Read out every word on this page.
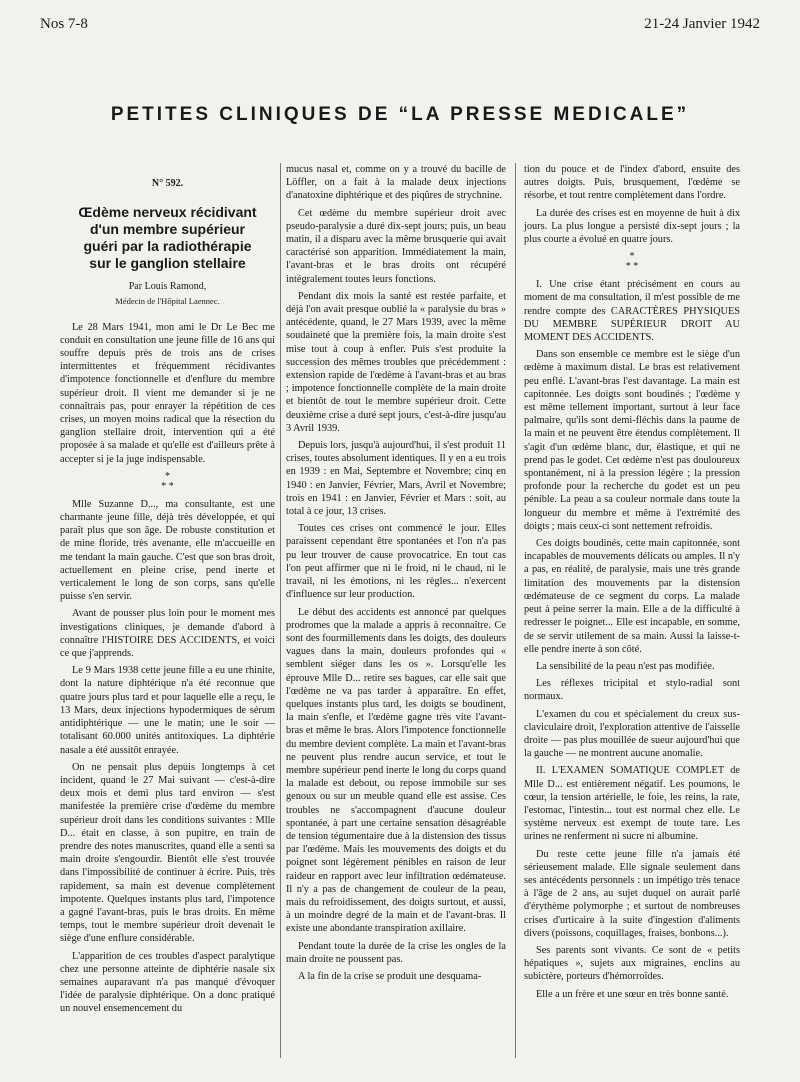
Nos 7-8	21-24 Janvier 1942
PETITES CLINIQUES DE “LA PRESSE MEDICALE”
N° 592.
Œdème nerveux récidivant
d'un membre supérieur
guéri par la radiothérapie
sur le ganglion stellaire
Par Louis Ramond,
Médecin de l'Hôpital Laennec.

Le 28 Mars 1941, mon ami le Dr Le Bec me conduit en consultation une jeune fille de 16 ans qui souffre depuis près de trois ans de crises intermittentes et fréquemment récidivantes d'impotence fonctionnelle et d'enflure du membre supérieur droit. Il vient me demander si je ne connaîtrais pas, pour enrayer la répétition de ces crises, un moyen moins radical que la résection du ganglion stellaire droit, intervention qui a été proposée à sa malade et qu'elle est d'ailleurs prête à accepter si je la juge indispensable.

*
* *

Mlle Suzanne D..., ma consultante, est une charmante jeune fille, déjà très développée, et qui paraît plus que son âge. De robuste constitution et de mine floride, très avenante, elle m'accueille en me tendant la main gauche. C'est que son bras droit, actuellement en pleine crise, pend inerte et verticalement le long de son corps, sans qu'elle puisse s'en servir.

Avant de pousser plus loin pour le moment mes investigations cliniques, je demande d'abord à connaître l'HISTOIRE DES ACCIDENTS, et voici ce que j'apprends.

Le 9 Mars 1938 cette jeune fille a eu une rhinite, dont la nature diphtérique n'a été reconnue que quatre jours plus tard et pour laquelle elle a reçu, le 13 Mars, deux injections hypodermiques de sérum antidiphtérique — une le matin; une le soir — totalisant 60.000 unités antitoxiques. La diphtérie nasale a été aussitôt enrayée.

On ne pensait plus depuis longtemps à cet incident, quand le 27 Mai suivant — c'est-à-dire deux mois et demi plus tard environ — s'est manifestée la première crise d'œdème du membre supérieur droit dans les conditions suivantes : Mlle D... était en classe, à son pupitre, en train de prendre des notes manuscrites, quand elle a senti sa main droite s'engourdir. Bientôt elle s'est trouvée dans l'impossibilité de continuer à écrire. Puis, très rapidement, sa main est devenue complètement impotente. Quelques instants plus tard, l'impotence a gagné l'avant-bras, puis le bras droits. En même temps, tout le membre supérieur droit devenait le siège d'une enflure considérable.

L'apparition de ces troubles d'aspect paralytique chez une personne atteinte de diphtérie nasale six semaines auparavant n'a pas manqué d'évoquer l'idée de paralysie diphtérique. On a donc pratiqué un nouvel ensemencement du

mucus nasal et, comme on y a trouvé du bacille de Löffler, on a fait à la malade deux injections d'anatoxine diphtérique et des piqûres de strychnine.

Cet œdème du membre supérieur droit avec pseudo-paralysie a duré dix-sept jours; puis, un beau matin, il a disparu avec la même brusquerie qui avait caractérisé son apparition. Immédiatement la main, l'avant-bras et le bras droits ont récupéré intégralement toutes leurs fonctions.

Pendant dix mois la santé est restée parfaite, et déjà l'on avait presque oublié la « paralysie du bras » antécédente, quand, le 27 Mars 1939, avec la même soudaineté que la première fois, la main droite s'est mise tout à coup à enfler. Puis s'est produite la succession des mêmes troubles que précédemment : extension rapide de l'œdème à l'avant-bras et au bras ; impotence fonctionnelle complète de la main droite et bientôt de tout le membre supérieur droit. Cette deuxième crise a duré sept jours, c'est-à-dire jusqu'au 3 Avril 1939.

Depuis lors, jusqu'à aujourd'hui, il s'est produit 11 crises, toutes absolument identiques. Il y en a eu trois en 1939 : en Mai, Septembre et Novembre; cinq en 1940 : en Janvier, Février, Mars, Avril et Novembre; trois en 1941 : en Janvier, Février et Mars : soit, au total à ce jour, 13 crises.

Toutes ces crises ont commencé le jour. Elles paraissent cependant être spontanées et l'on n'a pas pu leur trouver de cause provocatrice. En tout cas l'on peut affirmer que ni le froid, ni le chaud, ni le travail, ni les émotions, ni les règles... n'exercent d'influence sur leur production.

Le début des accidents est annoncé par quelques prodromes que la malade a appris à reconnaître. Ce sont des fourmillements dans les doigts, des douleurs vagues dans la main, douleurs profondes qui « semblent siéger dans les os ». Lorsqu'elle les éprouve Mlle D... retire ses bagues, car elle sait que l'œdème ne va pas tarder à apparaître. En effet, quelques instants plus tard, les doigts se boudinent, la main s'enfle, et l'œdème gagne très vite l'avant-bras et même le bras. Alors l'impotence fonctionnelle du membre devient complète. La main et l'avant-bras ne peuvent plus rendre aucun service, et tout le membre supérieur pend inerte le long du corps quand la malade est debout, ou repose immobile sur ses genoux ou sur un meuble quand elle est assise. Ces troubles ne s'accompagnent d'aucune douleur spontanée, à part une certaine sensation désagréable de tension tégumentaire due à la distension des tissus par l'œdème. Mais les mouvements des doigts et du poignet sont légèrement pénibles en raison de leur raideur en rapport avec leur infiltration œdémateuse. Il n'y a pas de changement de couleur de la peau, mais du refroidissement, des doigts surtout, et aussi, à un moindre degré de la main et de l'avant-bras. Il existe une abondante transpiration axillaire.

Pendant toute la durée de la crise les ongles de la main droite ne poussent pas.

A la fin de la crise se produit une desquama-

tion du pouce et de l'index d'abord, ensuite des autres doigts. Puis, brusquement, l'œdème se résorbe, et tout rentre complètement dans l'ordre.

La durée des crises est en moyenne de huit à dix jours. La plus longue a persisté dix-sept jours ; la plus courte a évolué en quatre jours.

*
* *

I. Une crise étant précisément en cours au moment de ma consultation, il m'est possible de me rendre compte des CARACTÈRES PHYSIQUES DU MEMBRE SUPÉRIEUR DROIT AU MOMENT DES ACCIDENTS.

Dans son ensemble ce membre est le siège d'un œdème à maximum distal. Le bras est relativement peu enflé. L'avant-bras l'est davantage. La main est capitonnée. Les doigts sont boudinés ; l'œdème y est même tellement important, surtout à leur face palmaire, qu'ils sont demi-fléchis dans la paume de la main et ne peuvent être étendus complètement. Il s'agit d'un œdème blanc, dur, élastique, et qui ne prend pas le godet. Cet œdème n'est pas douloureux spontanément, ni à la pression légère ; la pression profonde pour la recherche du godet est un peu pénible. La peau a sa couleur normale dans toute la longueur du membre et même à l'extrémité des doigts ; mais ceux-ci sont nettement refroidis.

Ces doigts boudinés, cette main capitonnée, sont incapables de mouvements délicats ou amples. Il n'y a pas, en réalité, de paralysie, mais une très grande limitation des mouvements par la distension œdémateuse de ce segment du corps. La malade peut à peine serrer la main. Elle a de la difficulté à redresser le poignet... Elle est incapable, en somme, de se servir utilement de sa main. Aussi la laisse-t-elle pendre inerte à son côté.

La sensibilité de la peau n'est pas modifiée.

Les réflexes tricipital et stylo-radial sont normaux.

L'examen du cou et spécialement du creux sus-claviculaire droit, l'exploration attentive de l'aisselle droite — pas plus mouillée de sueur aujourd'hui que la gauche — ne montrent aucune anomalie.

II. L'EXAMEN SOMATIQUE COMPLET de Mlle D... est entièrement négatif. Les poumons, le cœur, la tension artérielle, le foie, les reins, la rate, l'estomac, l'intestin... tout est normal chez elle. Le système nerveux est exempt de toute tare. Les urines ne renferment ni sucre ni albumine.

Du reste cette jeune fille n'a jamais été sérieusement malade. Elle signale seulement dans ses antécédents personnels : un impétigo très tenace à l'âge de 2 ans, au sujet duquel on aurait parlé d'érythème polymorphe ; et surtout de nombreuses crises d'urticaire à la suite d'ingestion d'aliments divers (poissons, coquillages, fraises, bonbons...).

Ses parents sont vivants. Ce sont de « petits hépatiques », sujets aux migraines, enclins au subictère, porteurs d'hémorroïdes.

Elle a un frère et une sœur en très bonne santé.
